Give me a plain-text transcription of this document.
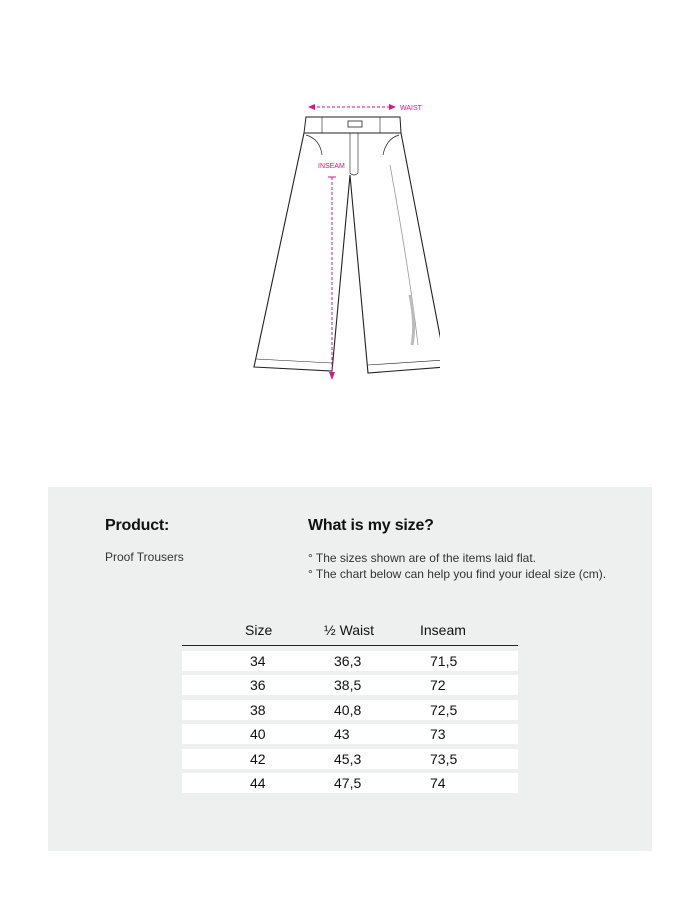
WAIST
INSEAM
Product:
Proof Trousers
What is my size?
° The sizes shown are of the items laid flat.
° The chart below can help you find your ideal size (cm).
Size	½ Waist	Inseam
34	36,3	71,5
36	38,5	72
38	40,8	72,5
40	43	73
42	45,3	73,5
44	47,5	74
